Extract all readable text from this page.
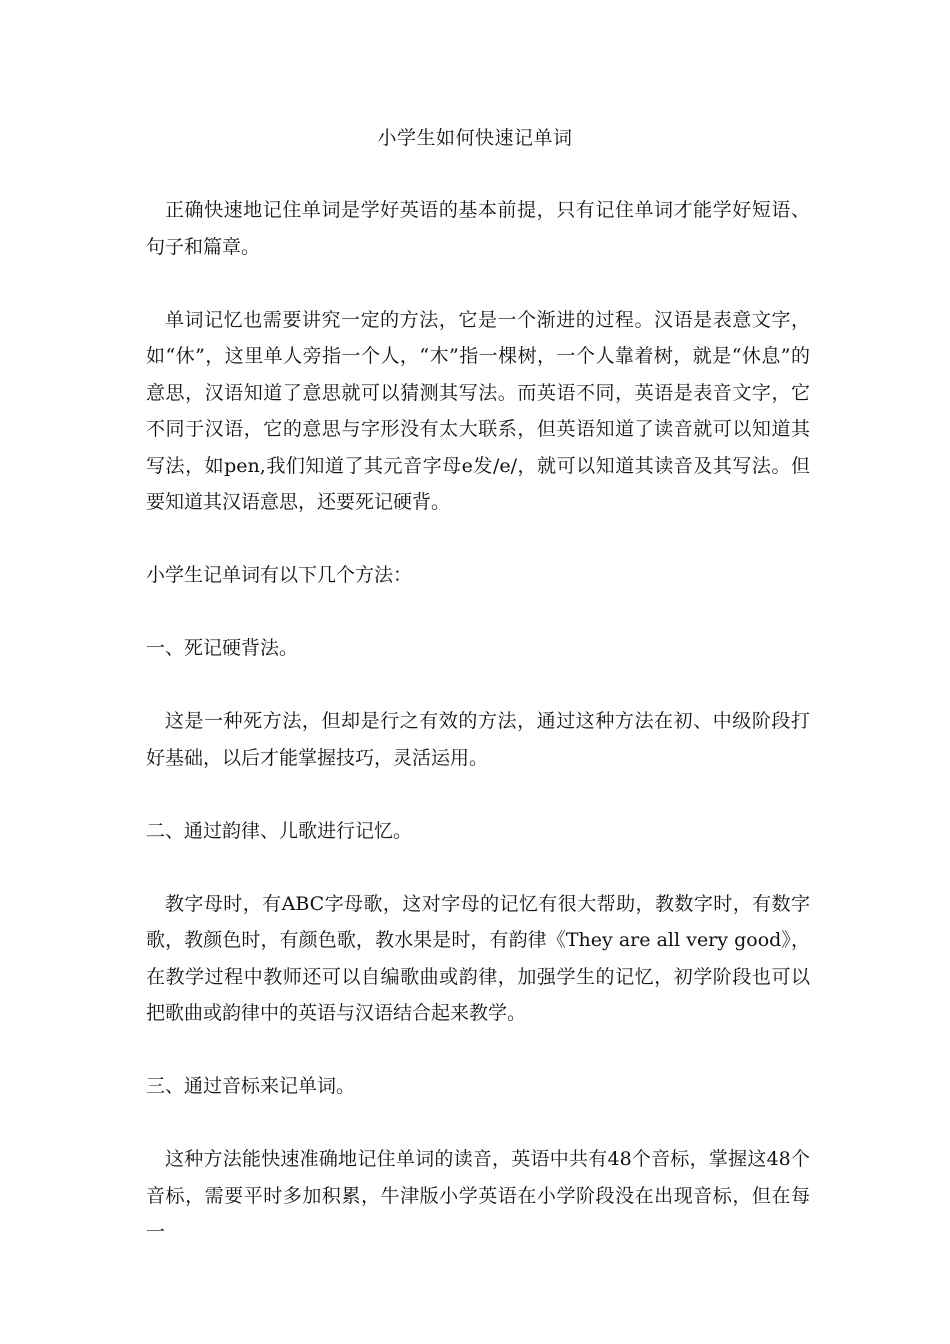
小学生如何快速记单词

正确快速地记住单词是学好英语的基本前提，只有记住单词才能学好短语、句子和篇章。

单词记忆也需要讲究一定的方法，它是一个渐进的过程。汉语是表意文字，如“休”，这里单人旁指一个人，“木”指一棵树，一个人靠着树，就是“休息”的意思，汉语知道了意思就可以猜测其写法。而英语不同，英语是表音文字，它不同于汉语，它的意思与字形没有太大联系，但英语知道了读音就可以知道其写法，如pen,我们知道了其元音字母e发/e/，就可以知道其读音及其写法。但要知道其汉语意思，还要死记硬背。

小学生记单词有以下几个方法：

一、死记硬背法。

这是一种死方法，但却是行之有效的方法，通过这种方法在初、中级阶段打好基础，以后才能掌握技巧，灵活运用。

二、通过韵律、儿歌进行记忆。

教字母时，有ABC字母歌，这对字母的记忆有很大帮助，教数字时，有数字歌，教颜色时，有颜色歌，教水果是时，有韵律《They are all very good》，在教学过程中教师还可以自编歌曲或韵律，加强学生的记忆，初学阶段也可以把歌曲或韵律中的英语与汉语结合起来教学。

三、通过音标来记单词。

这种方法能快速准确地记住单词的读音，英语中共有48个音标，掌握这48个音标，需要平时多加积累，牛津版小学英语在小学阶段没在出现音标，但在每一
